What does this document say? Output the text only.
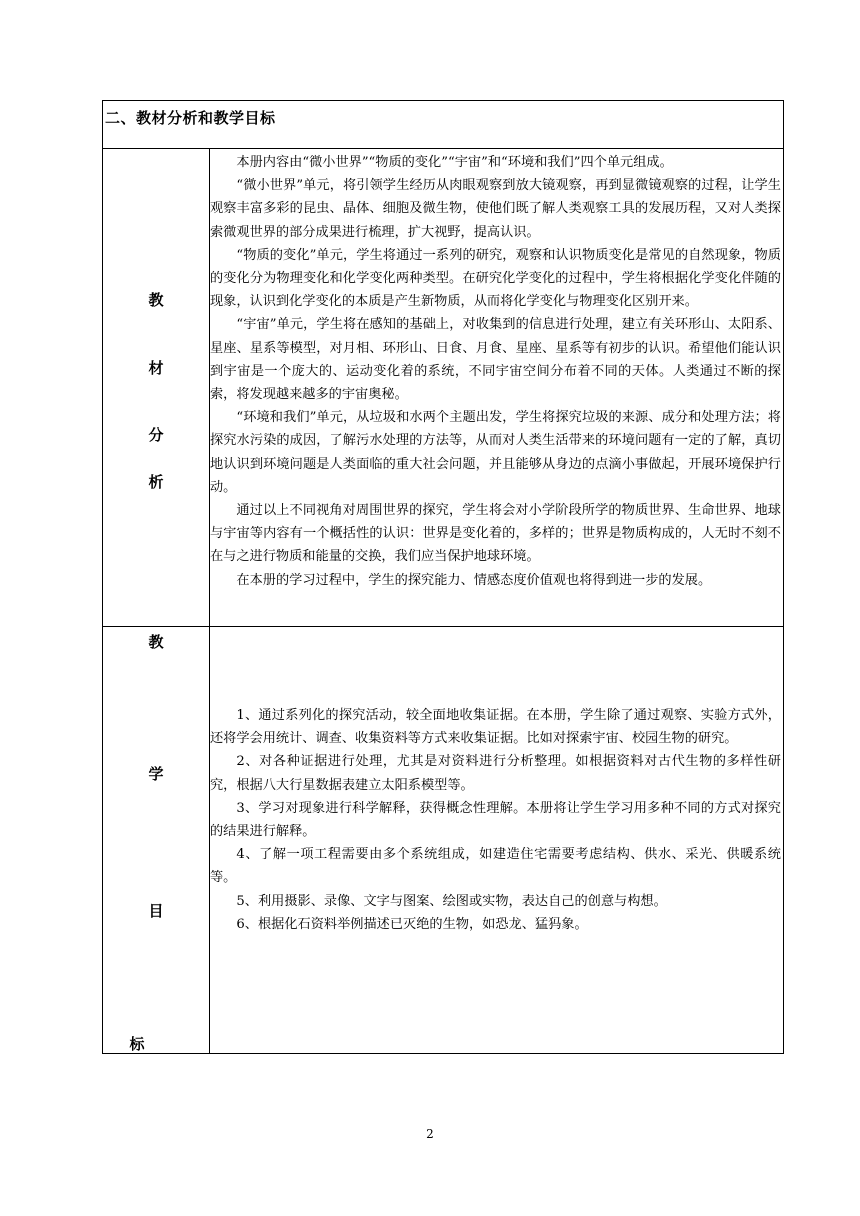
二、教材分析和教学目标
教
材
分
析

本册内容由“微小世界”“物质的变化”“宇宙”和“环境和我们”四个单元组成。

“微小世界”单元，将引领学生经历从肉眼观察到放大镜观察，再到显微镜观察的过程，让学生观察丰富多彩的昆虫、晶体、细胞及微生物，使他们既了解人类观察工具的发展历程，又对人类探索微观世界的部分成果进行梳理，扩大视野，提高认识。

“物质的变化”单元，学生将通过一系列的研究，观察和认识物质变化是常见的自然现象，物质的变化分为物理变化和化学变化两种类型。在研究化学变化的过程中，学生将根据化学变化伴随的现象，认识到化学变化的本质是产生新物质，从而将化学变化与物理变化区别开来。

“宇宙”单元，学生将在感知的基础上，对收集到的信息进行处理，建立有关环形山、太阳系、星座、星系等模型，对月相、环形山、日食、月食、星座、星系等有初步的认识。希望他们能认识到宇宙是一个庞大的、运动变化着的系统，不同宇宙空间分布着不同的天体。人类通过不断的探索，将发现越来越多的宇宙奥秘。

“环境和我们”单元，从垃圾和水两个主题出发，学生将探究垃圾的来源、成分和处理方法；将探究水污染的成因，了解污水处理的方法等，从而对人类生活带来的环境问题有一定的了解，真切地认识到环境问题是人类面临的重大社会问题，并且能够从身边的点滴小事做起，开展环境保护行动。

通过以上不同视角对周围世界的探究，学生将会对小学阶段所学的物质世界、生命世界、地球与宇宙等内容有一个概括性的认识：世界是变化着的，多样的；世界是物质构成的，人无时不刻不在与之进行物质和能量的交换，我们应当保护地球环境。

在本册的学习过程中，学生的探究能力、情感态度价值观也将得到进一步的发展。

教
学
目
标

1、通过系列化的探究活动，较全面地收集证据。在本册，学生除了通过观察、实验方式外，还将学会用统计、调查、收集资料等方式来收集证据。比如对探索宇宙、校园生物的研究。

2、对各种证据进行处理，尤其是对资料进行分析整理。如根据资料对古代生物的多样性研究，根据八大行星数据表建立太阳系模型等。

3、学习对现象进行科学解释，获得概念性理解。本册将让学生学习用多种不同的方式对探究的结果进行解释。

4、了解一项工程需要由多个系统组成，如建造住宅需要考虑结构、供水、采光、供暖系统等。

5、利用摄影、录像、文字与图案、绘图或实物，表达自己的创意与构想。

6、根据化石资料举例描述已灭绝的生物，如恐龙、猛犸象。

2
